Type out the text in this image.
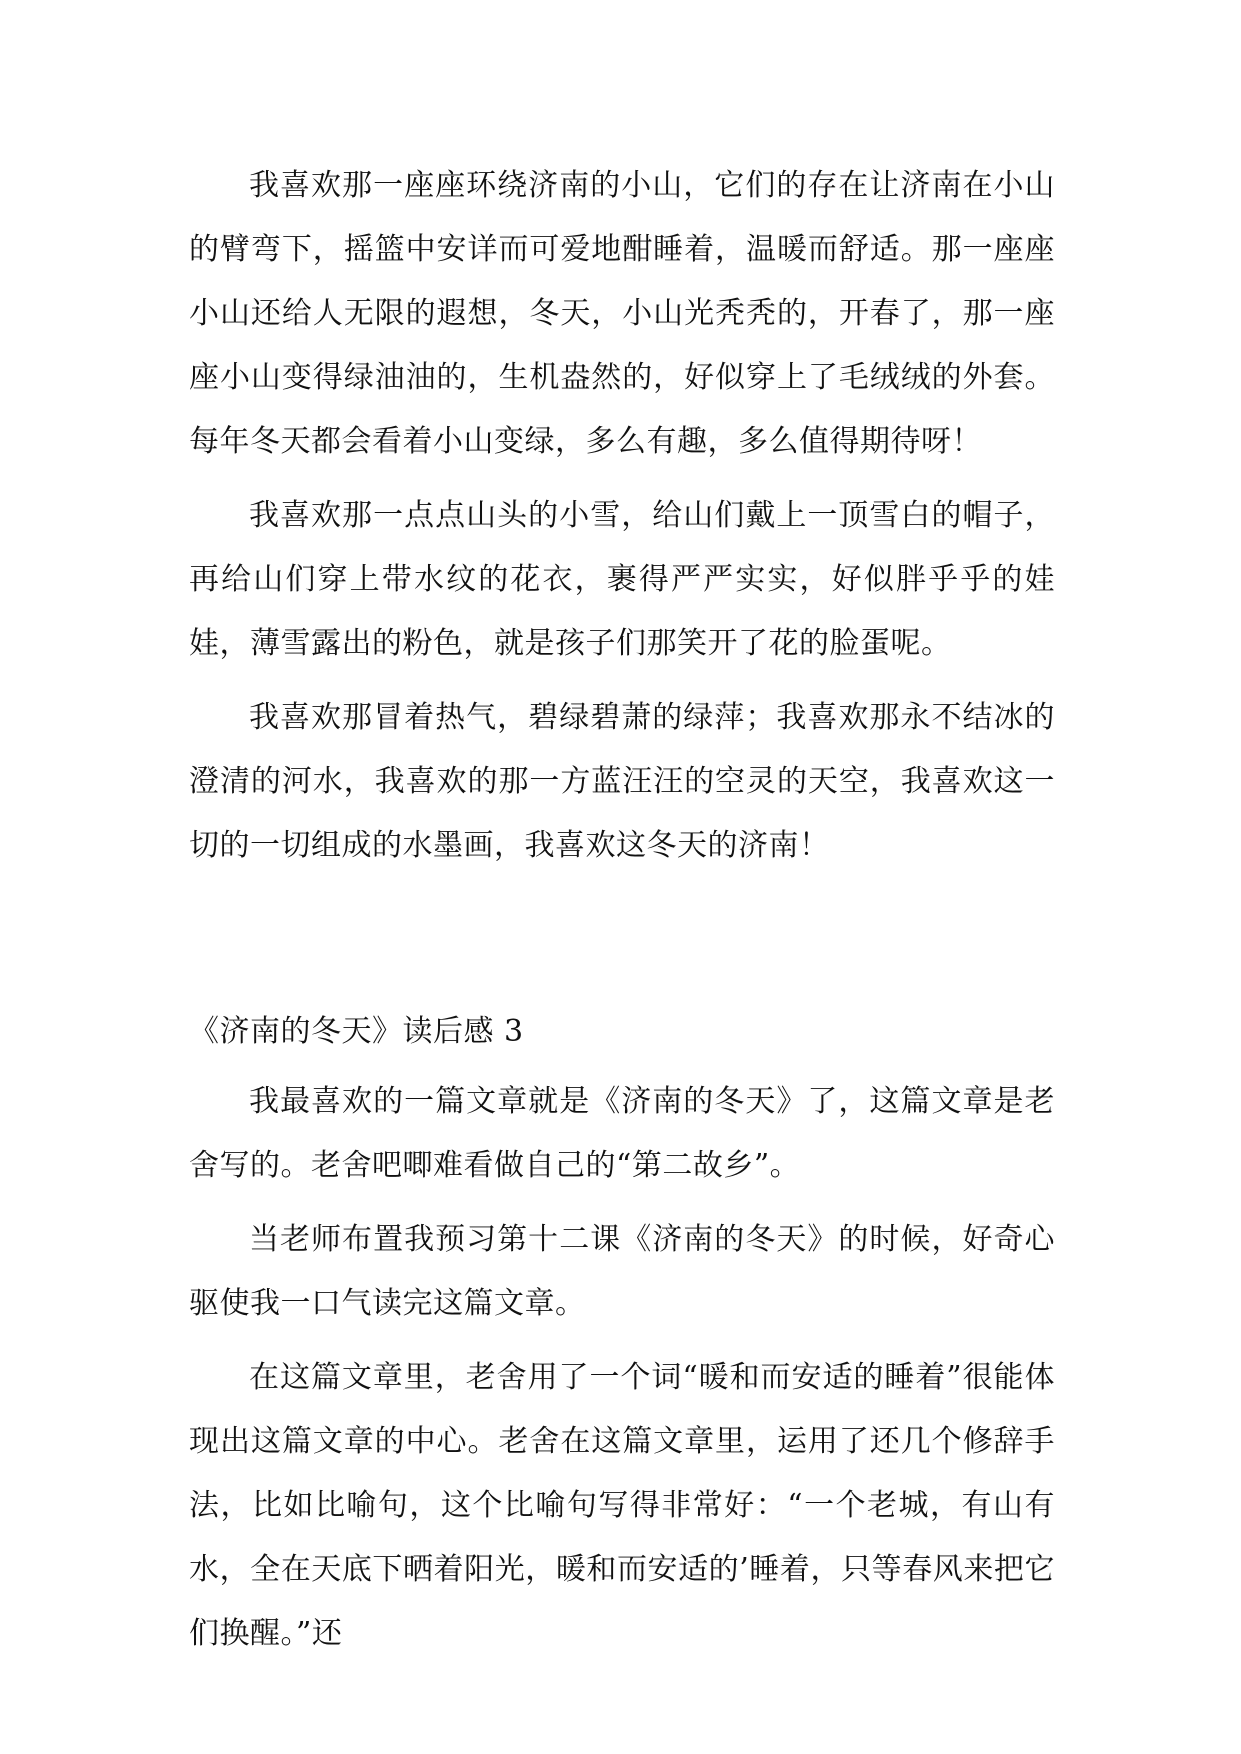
我喜欢那一座座环绕济南的小山，它们的存在让济南在小山的臂弯下，摇篮中安详而可爱地酣睡着，温暖而舒适。那一座座小山还给人无限的遐想，冬天，小山光秃秃的，开春了，那一座座小山变得绿油油的，生机盎然的，好似穿上了毛绒绒的外套。每年冬天都会看着小山变绿，多么有趣，多么值得期待呀！

我喜欢那一点点山头的小雪，给山们戴上一顶雪白的帽子，再给山们穿上带水纹的花衣，裹得严严实实，好似胖乎乎的娃娃，薄雪露出的粉色，就是孩子们那笑开了花的脸蛋呢。

我喜欢那冒着热气，碧绿碧萧的绿萍；我喜欢那永不结冰的澄清的河水，我喜欢的那一方蓝汪汪的空灵的天空，我喜欢这一切的一切组成的水墨画，我喜欢这冬天的济南！

《济南的冬天》读后感 3

我最喜欢的一篇文章就是《济南的冬天》了，这篇文章是老舍写的。老舍吧唧难看做自己的“第二故乡”。

当老师布置我预习第十二课《济南的冬天》的时候，好奇心驱使我一口气读完这篇文章。

在这篇文章里，老舍用了一个词“暖和而安适的睡着”很能体现出这篇文章的中心。老舍在这篇文章里，运用了还几个修辞手法，比如比喻句，这个比喻句写得非常好：“一个老城，有山有水，全在天底下晒着阳光，暖和而安适的’睡着，只等春风来把它们换醒。”还
